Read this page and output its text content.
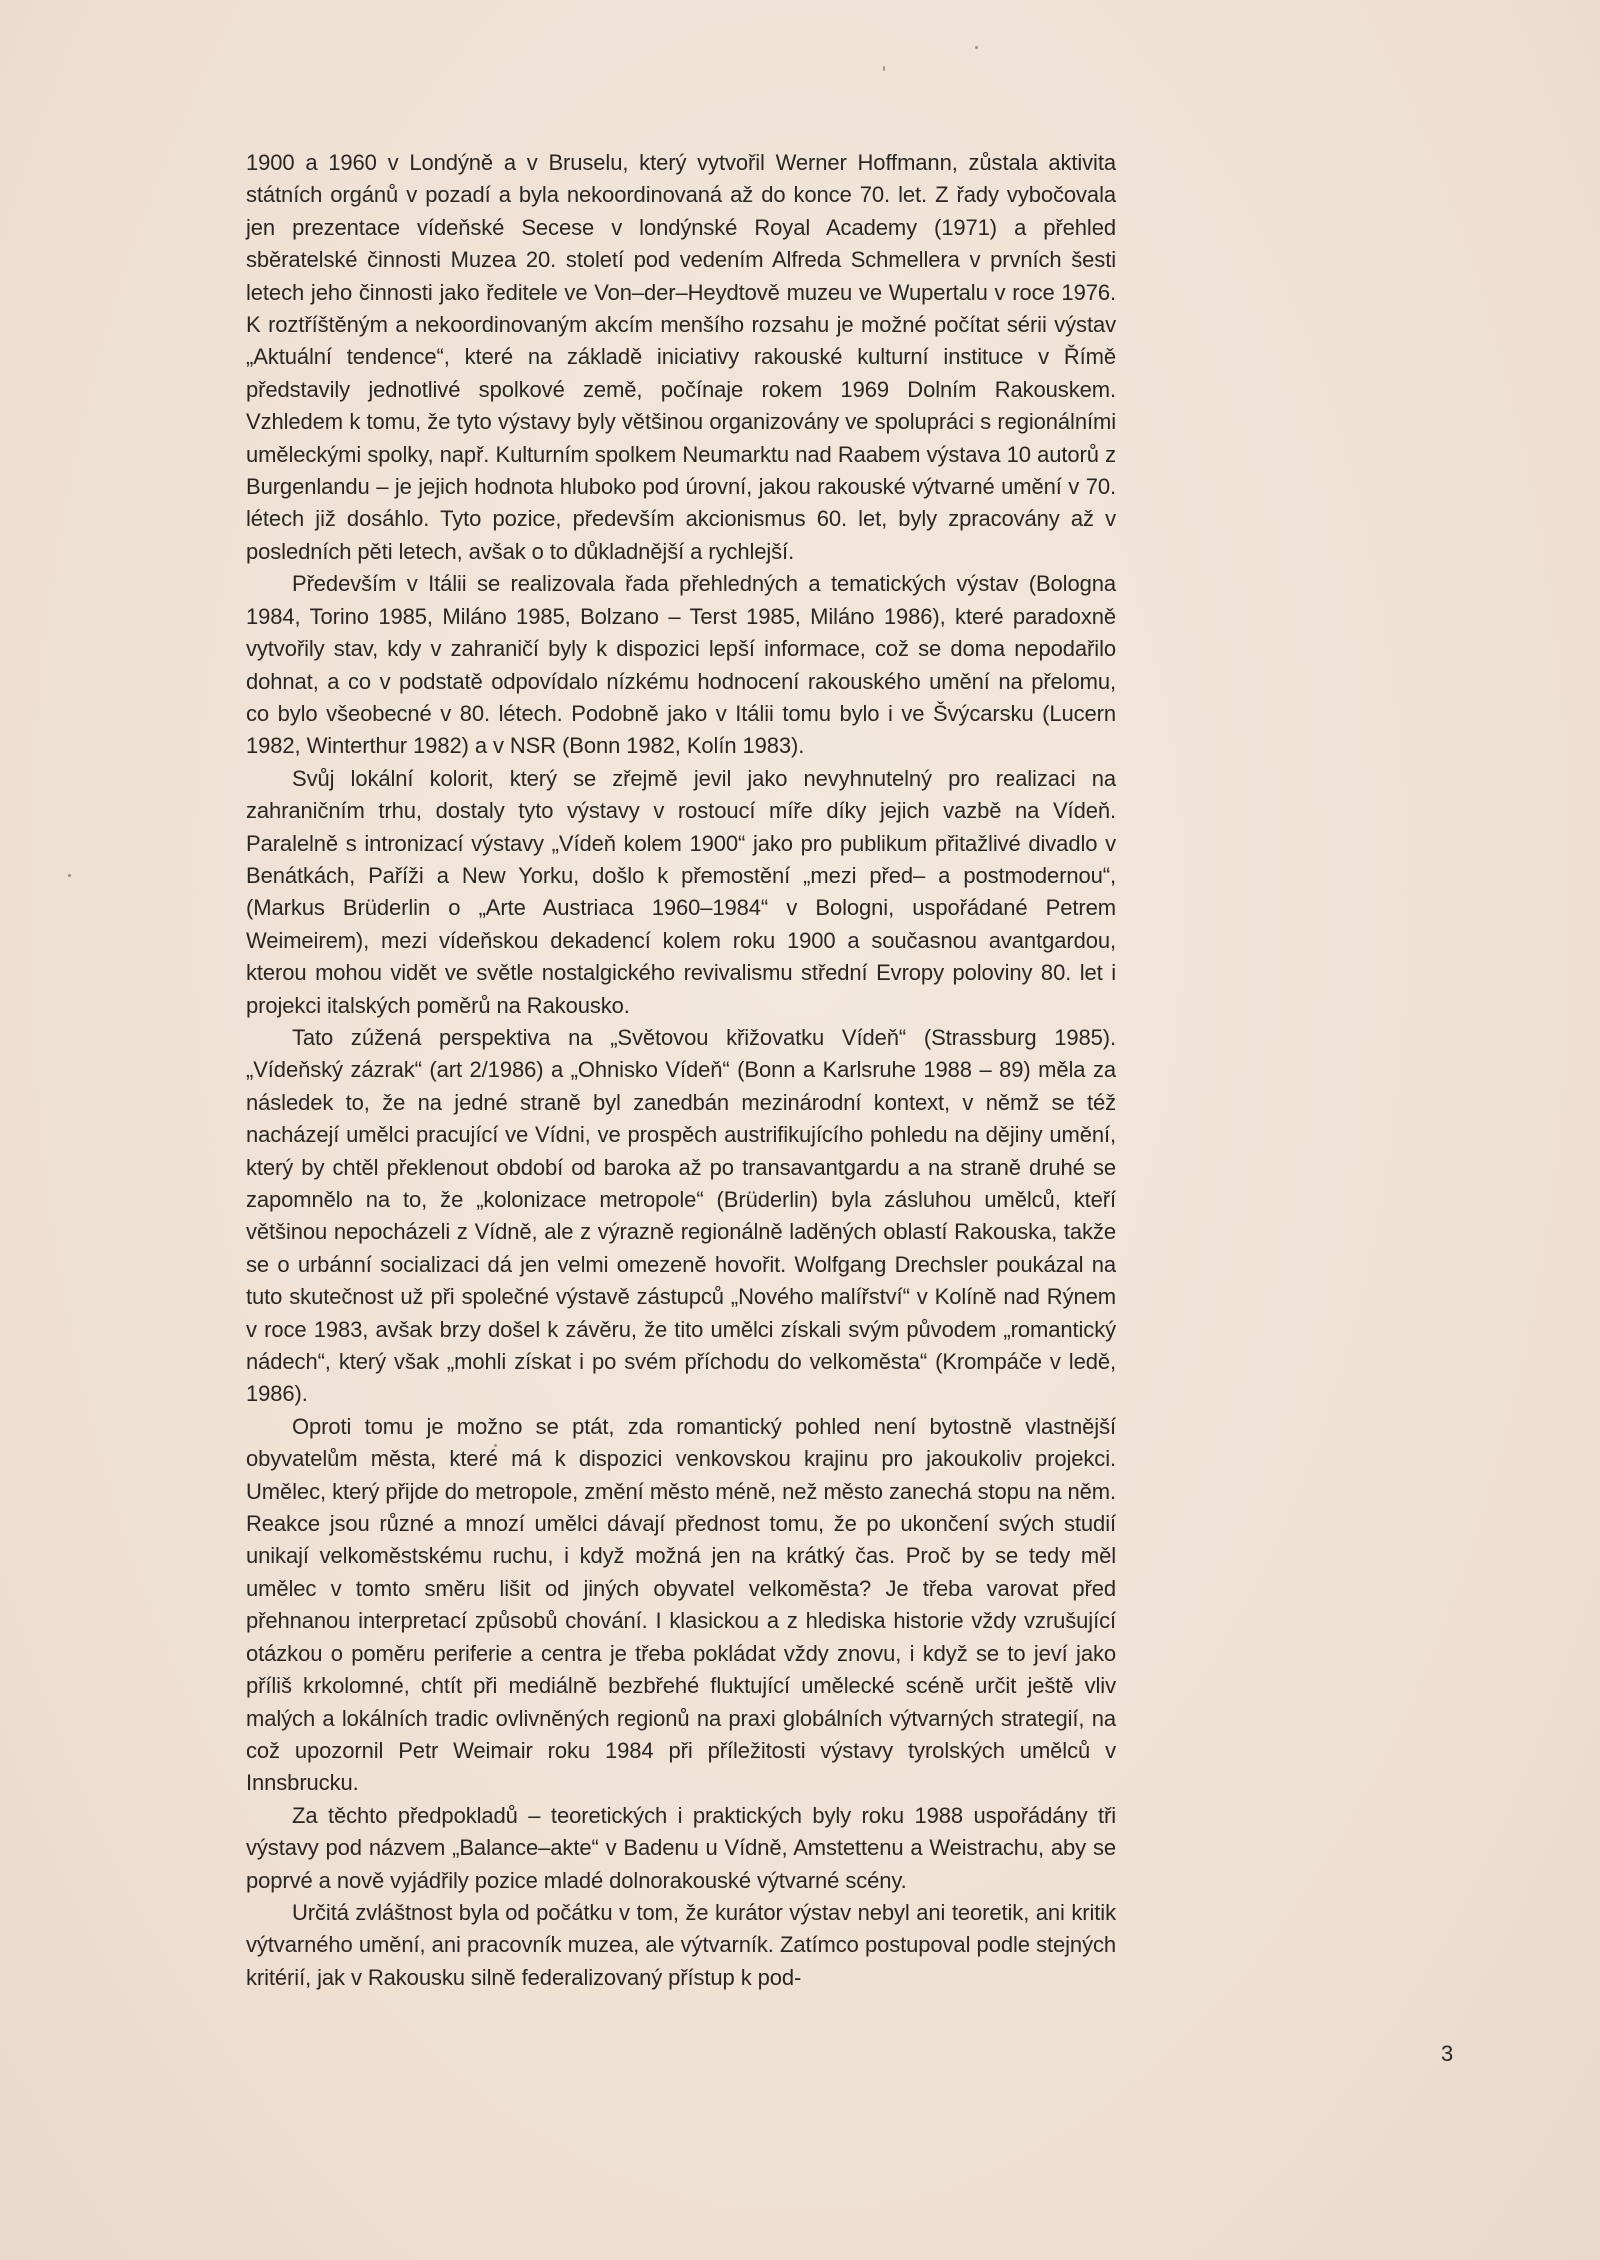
1900 a 1960 v Londýně a v Bruselu, který vytvořil Werner Hoffmann, zůstala aktivita státních orgánů v pozadí a byla nekoordinovaná až do konce 70. let. Z řady vybočovala jen prezentace vídeňské Secese v londýnské Royal Academy (1971) a přehled sběratelské činnosti Muzea 20. století pod vedením Alfreda Schmellera v prvních šesti letech jeho činnosti jako ředitele ve Von–der–Heydtově muzeu ve Wupertalu v roce 1976. K roztříštěným a nekoordinovaným akcím menšího rozsahu je možné počítat sérii výstav „Aktuální tendence“, které na základě iniciativy rakouské kulturní instituce v Římě představily jednotlivé spolkové země, počínaje rokem 1969 Dolním Rakouskem. Vzhledem k tomu, že tyto výstavy byly většinou organizovány ve spolupráci s regionálními uměleckými spolky, např. Kulturním spolkem Neumarktu nad Raabem výstava 10 autorů z Burgenlandu – je jejich hodnota hluboko pod úrovní, jakou rakouské výtvarné umění v 70. létech již dosáhlo. Tyto pozice, především akcionismus 60. let, byly zpracovány až v posledních pěti letech, avšak o to důkladnější a rychlejší.

Především v Itálii se realizovala řada přehledných a tematických výstav (Bologna 1984, Torino 1985, Miláno 1985, Bolzano – Terst 1985, Miláno 1986), které paradoxně vytvořily stav, kdy v zahraničí byly k dispozici lepší informace, což se doma nepodařilo dohnat, a co v podstatě odpovídalo nízkému hodnocení rakouského umění na přelomu, co bylo všeobecné v 80. létech. Podobně jako v Itálii tomu bylo i ve Švýcarsku (Lucern 1982, Winterthur 1982) a v NSR (Bonn 1982, Kolín 1983).

Svůj lokální kolorit, který se zřejmě jevil jako nevyhnutelný pro realizaci na zahraničním trhu, dostaly tyto výstavy v rostoucí míře díky jejich vazbě na Vídeň. Paralelně s intronizací výstavy „Vídeň kolem 1900“ jako pro publikum přitažlivé divadlo v Benátkách, Paříži a New Yorku, došlo k přemostění „mezi před– a postmodernou“, (Markus Brüderlin o „Arte Austriaca 1960–1984“ v Bologni, uspořádané Petrem Weimeirem), mezi vídeňskou dekadencí kolem roku 1900 a současnou avantgardou, kterou mohou vidět ve světle nostalgického revivalismu střední Evropy poloviny 80. let i projekci italských poměrů na Rakousko.

Tato zúžená perspektiva na „Světovou křižovatku Vídeň“ (Strassburg 1985). „Vídeňský zázrak“ (art 2/1986) a „Ohnisko Vídeň“ (Bonn a Karlsruhe 1988 – 89) měla za následek to, že na jedné straně byl zanedbán mezinárodní kontext, v němž se též nacházejí umělci pracující ve Vídni, ve prospěch austrifikujícího pohledu na dějiny umění, který by chtěl překlenout období od baroka až po transavantgardu a na straně druhé se zapomnělo na to, že „kolonizace metropole“ (Brüderlin) byla zásluhou umělců, kteří většinou nepocházeli z Vídně, ale z výrazně regionálně laděných oblastí Rakouska, takže se o urbánní socializaci dá jen velmi omezeně hovořit. Wolfgang Drechsler poukázal na tuto skutečnost už při společné výstavě zástupců „Nového malířství“ v Kolíně nad Rýnem v roce 1983, avšak brzy došel k závěru, že tito umělci získali svým původem „romantický nádech“, který však „mohli získat i po svém příchodu do velkoměsta“ (Krompáče v ledě, 1986).

Oproti tomu je možno se ptát, zda romantický pohled není bytostně vlastnější obyvatelům města, které má k dispozici venkovskou krajinu pro jakoukoliv projekci. Umělec, který přijde do metropole, změní město méně, než město zanechá stopu na něm. Reakce jsou různé a mnozí umělci dávají přednost tomu, že po ukončení svých studií unikají velkoměstskému ruchu, i když možná jen na krátký čas. Proč by se tedy měl umělec v tomto směru lišit od jiných obyvatel velkoměsta? Je třeba varovat před přehnanou interpretací způsobů chování. I klasickou a z hlediska historie vždy vzrušující otázkou o poměru periferie a centra je třeba pokládat vždy znovu, i když se to jeví jako příliš krkolomné, chtít při mediálně bezbřehé fluktující umělecké scéně určit ještě vliv malých a lokálních tradic ovlivněných regionů na praxi globálních výtvarných strategií, na což upozornil Petr Weimair roku 1984 při příležitosti výstavy tyrolských umělců v Innsbrucku.

Za těchto předpokladů – teoretických i praktických byly roku 1988 uspořádány tři výstavy pod názvem „Balance–akte“ v Badenu u Vídně, Amstettenu a Weistrachu, aby se poprvé a nově vyjádřily pozice mladé dolnorakouské výtvarné scény.

Určitá zvláštnost byla od počátku v tom, že kurátor výstav nebyl ani teoretik, ani kritik výtvarného umění, ani pracovník muzea, ale výtvarník. Zatímco postupoval podle stejných kritérií, jak v Rakousku silně federalizovaný přístup k pod-

3
